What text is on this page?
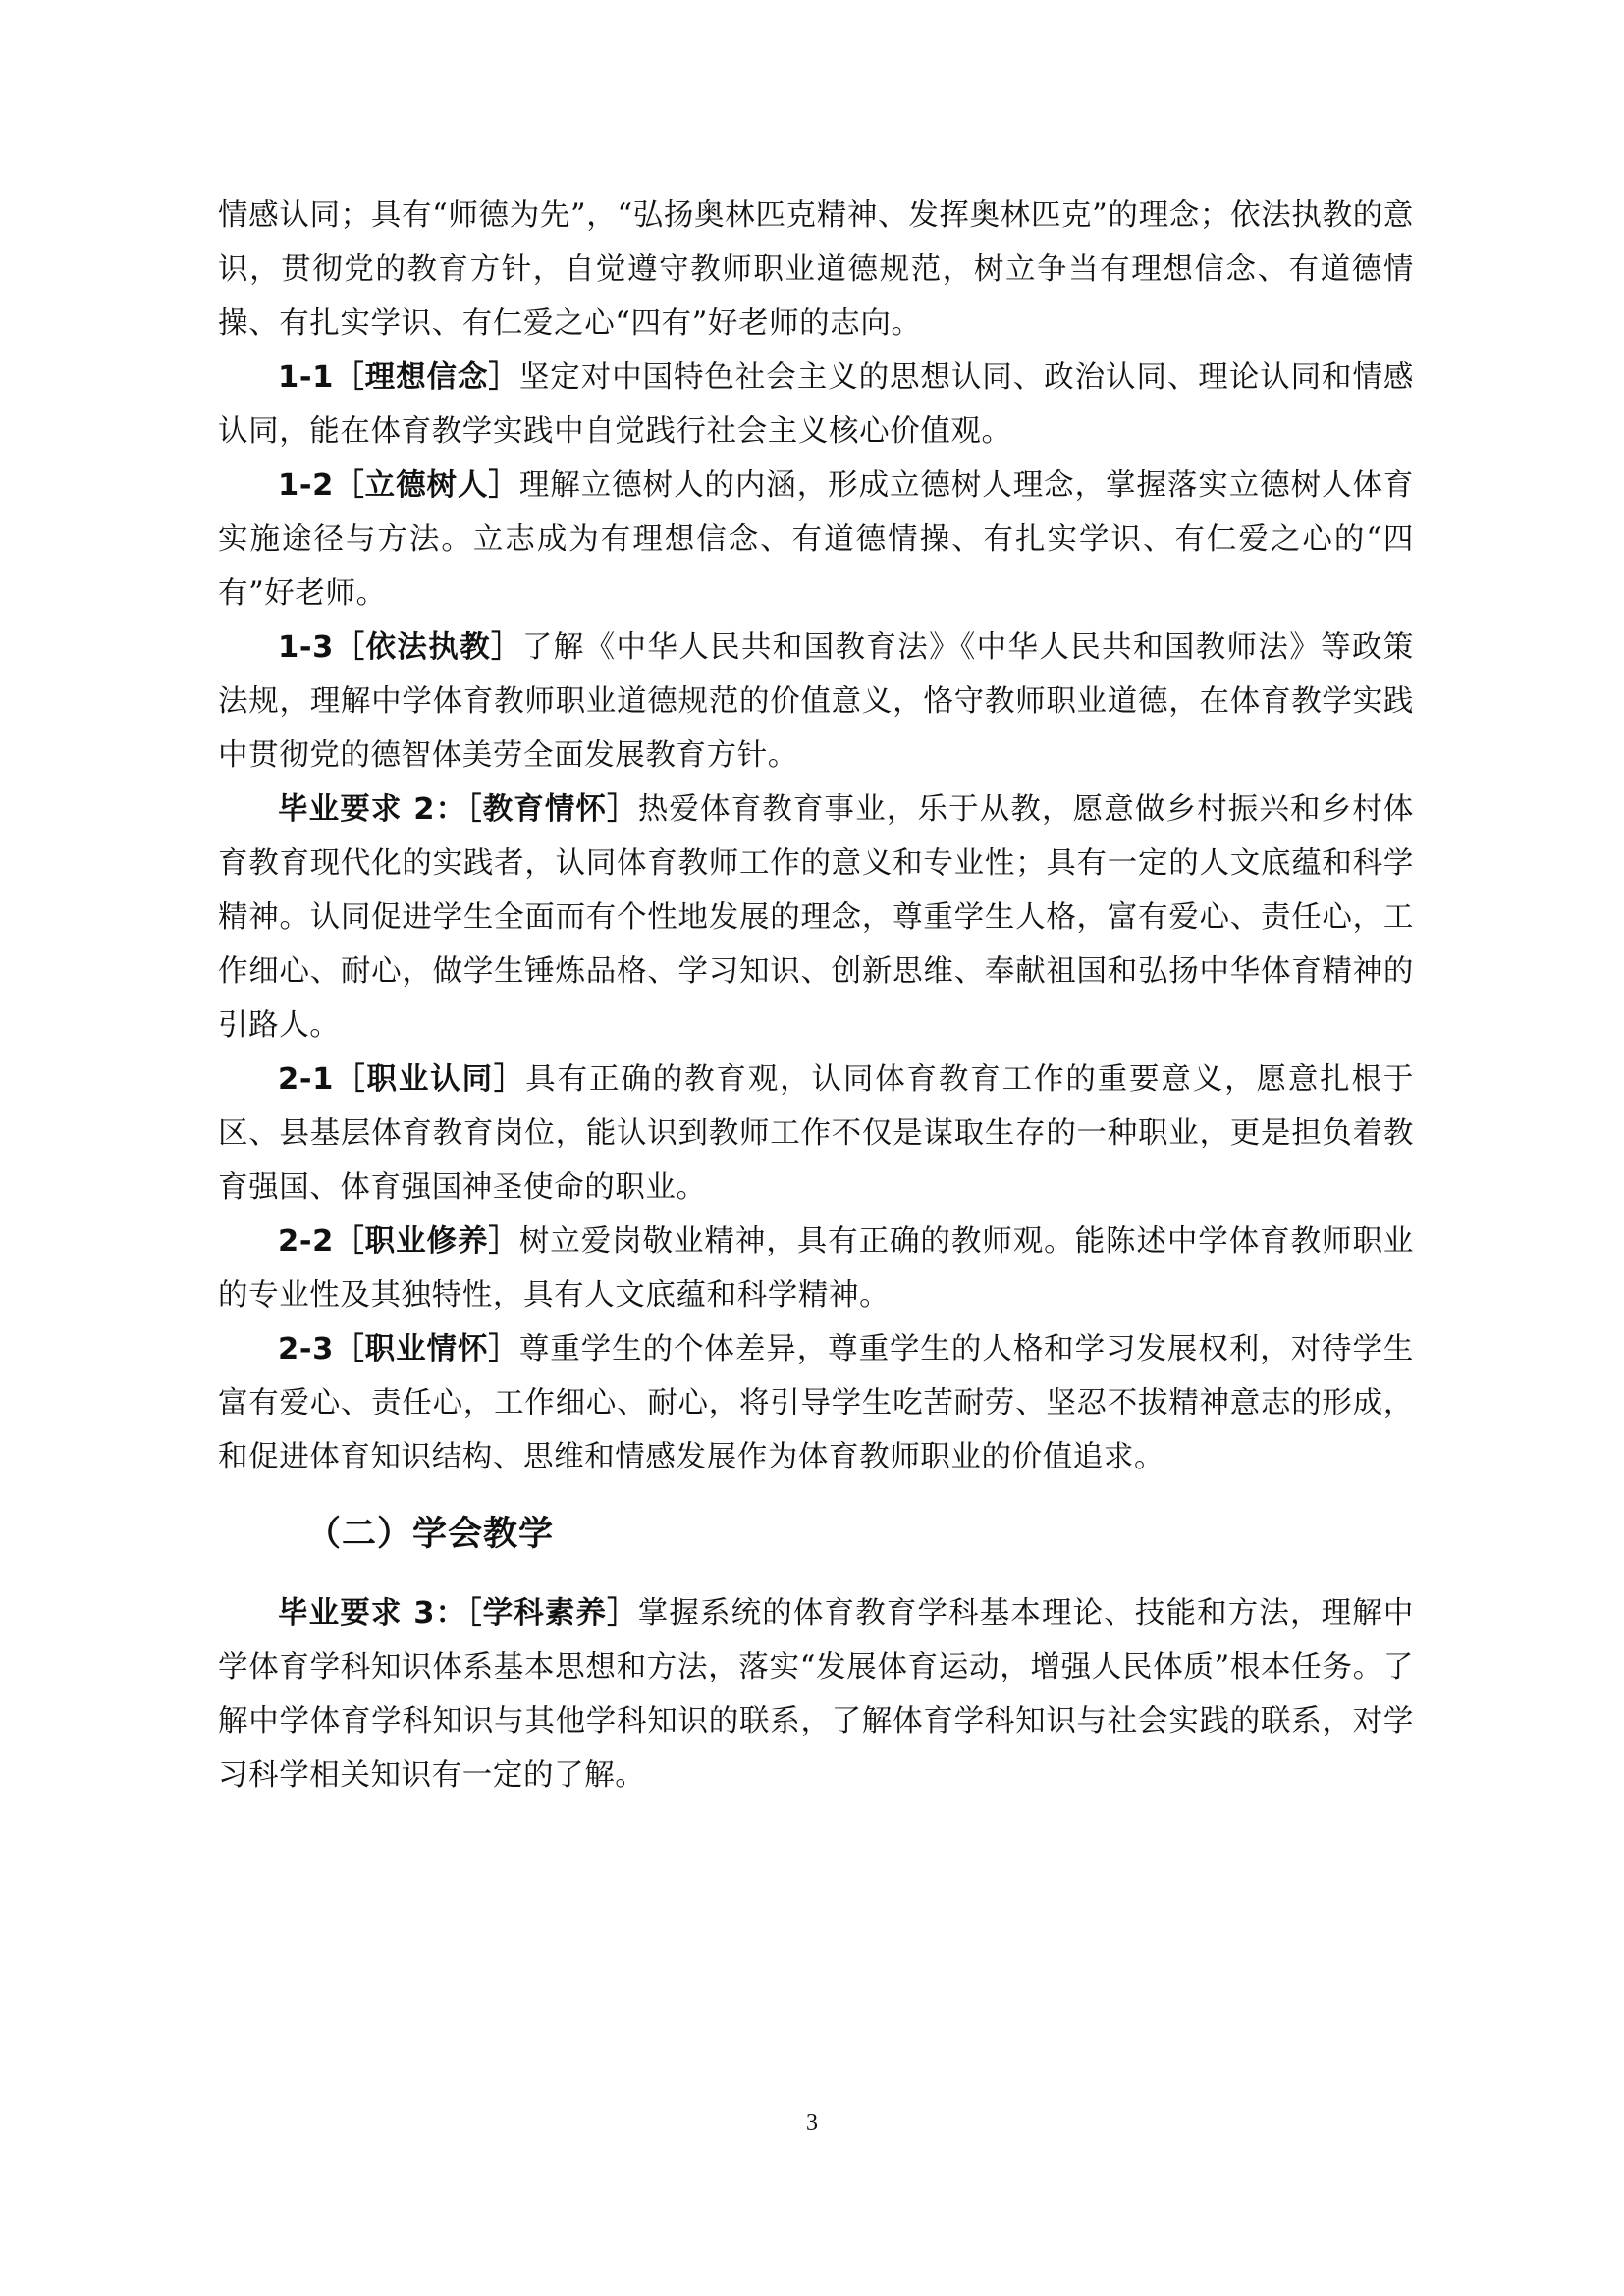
情感认同；具有“师德为先”，“弘扬奥林匹克精神、发挥奥林匹克”的理念；依法执教的意识，贯彻党的教育方针，自觉遵守教师职业道德规范，树立争当有理想信念、有道德情操、有扎实学识、有仁爱之心“四有”好老师的志向。

1-1［理想信念］坚定对中国特色社会主义的思想认同、政治认同、理论认同和情感认同，能在体育教学实践中自觉践行社会主义核心价值观。

1-2［立德树人］理解立德树人的内涵，形成立德树人理念，掌握落实立德树人体育实施途径与方法。立志成为有理想信念、有道德情操、有扎实学识、有仁爱之心的“四有”好老师。

1-3［依法执教］了解《中华人民共和国教育法》《中华人民共和国教师法》等政策法规，理解中学体育教师职业道德规范的价值意义，恪守教师职业道德，在体育教学实践中贯彻党的德智体美劳全面发展教育方针。

毕业要求 2：［教育情怀］热爱体育教育事业，乐于从教，愿意做乡村振兴和乡村体育教育现代化的实践者，认同体育教师工作的意义和专业性；具有一定的人文底蕴和科学精神。认同促进学生全面而有个性地发展的理念，尊重学生人格，富有爱心、责任心，工作细心、耐心，做学生锤炼品格、学习知识、创新思维、奉献祖国和弘扬中华体育精神的引路人。

2-1［职业认同］具有正确的教育观，认同体育教育工作的重要意义，愿意扎根于区、县基层体育教育岗位，能认识到教师工作不仅是谋取生存的一种职业，更是担负着教育强国、体育强国神圣使命的职业。

2-2［职业修养］树立爱岗敬业精神，具有正确的教师观。能陈述中学体育教师职业的专业性及其独特性，具有人文底蕴和科学精神。

2-3［职业情怀］尊重学生的个体差异，尊重学生的人格和学习发展权利，对待学生富有爱心、责任心，工作细心、耐心，将引导学生吃苦耐劳、坚忍不拔精神意志的形成，和促进体育知识结构、思维和情感发展作为体育教师职业的价值追求。

（二）学会教学

毕业要求 3：［学科素养］掌握系统的体育教育学科基本理论、技能和方法，理解中学体育学科知识体系基本思想和方法，落实“发展体育运动，增强人民体质”根本任务。了解中学体育学科知识与其他学科知识的联系，了解体育学科知识与社会实践的联系，对学习科学相关知识有一定的了解。

3
